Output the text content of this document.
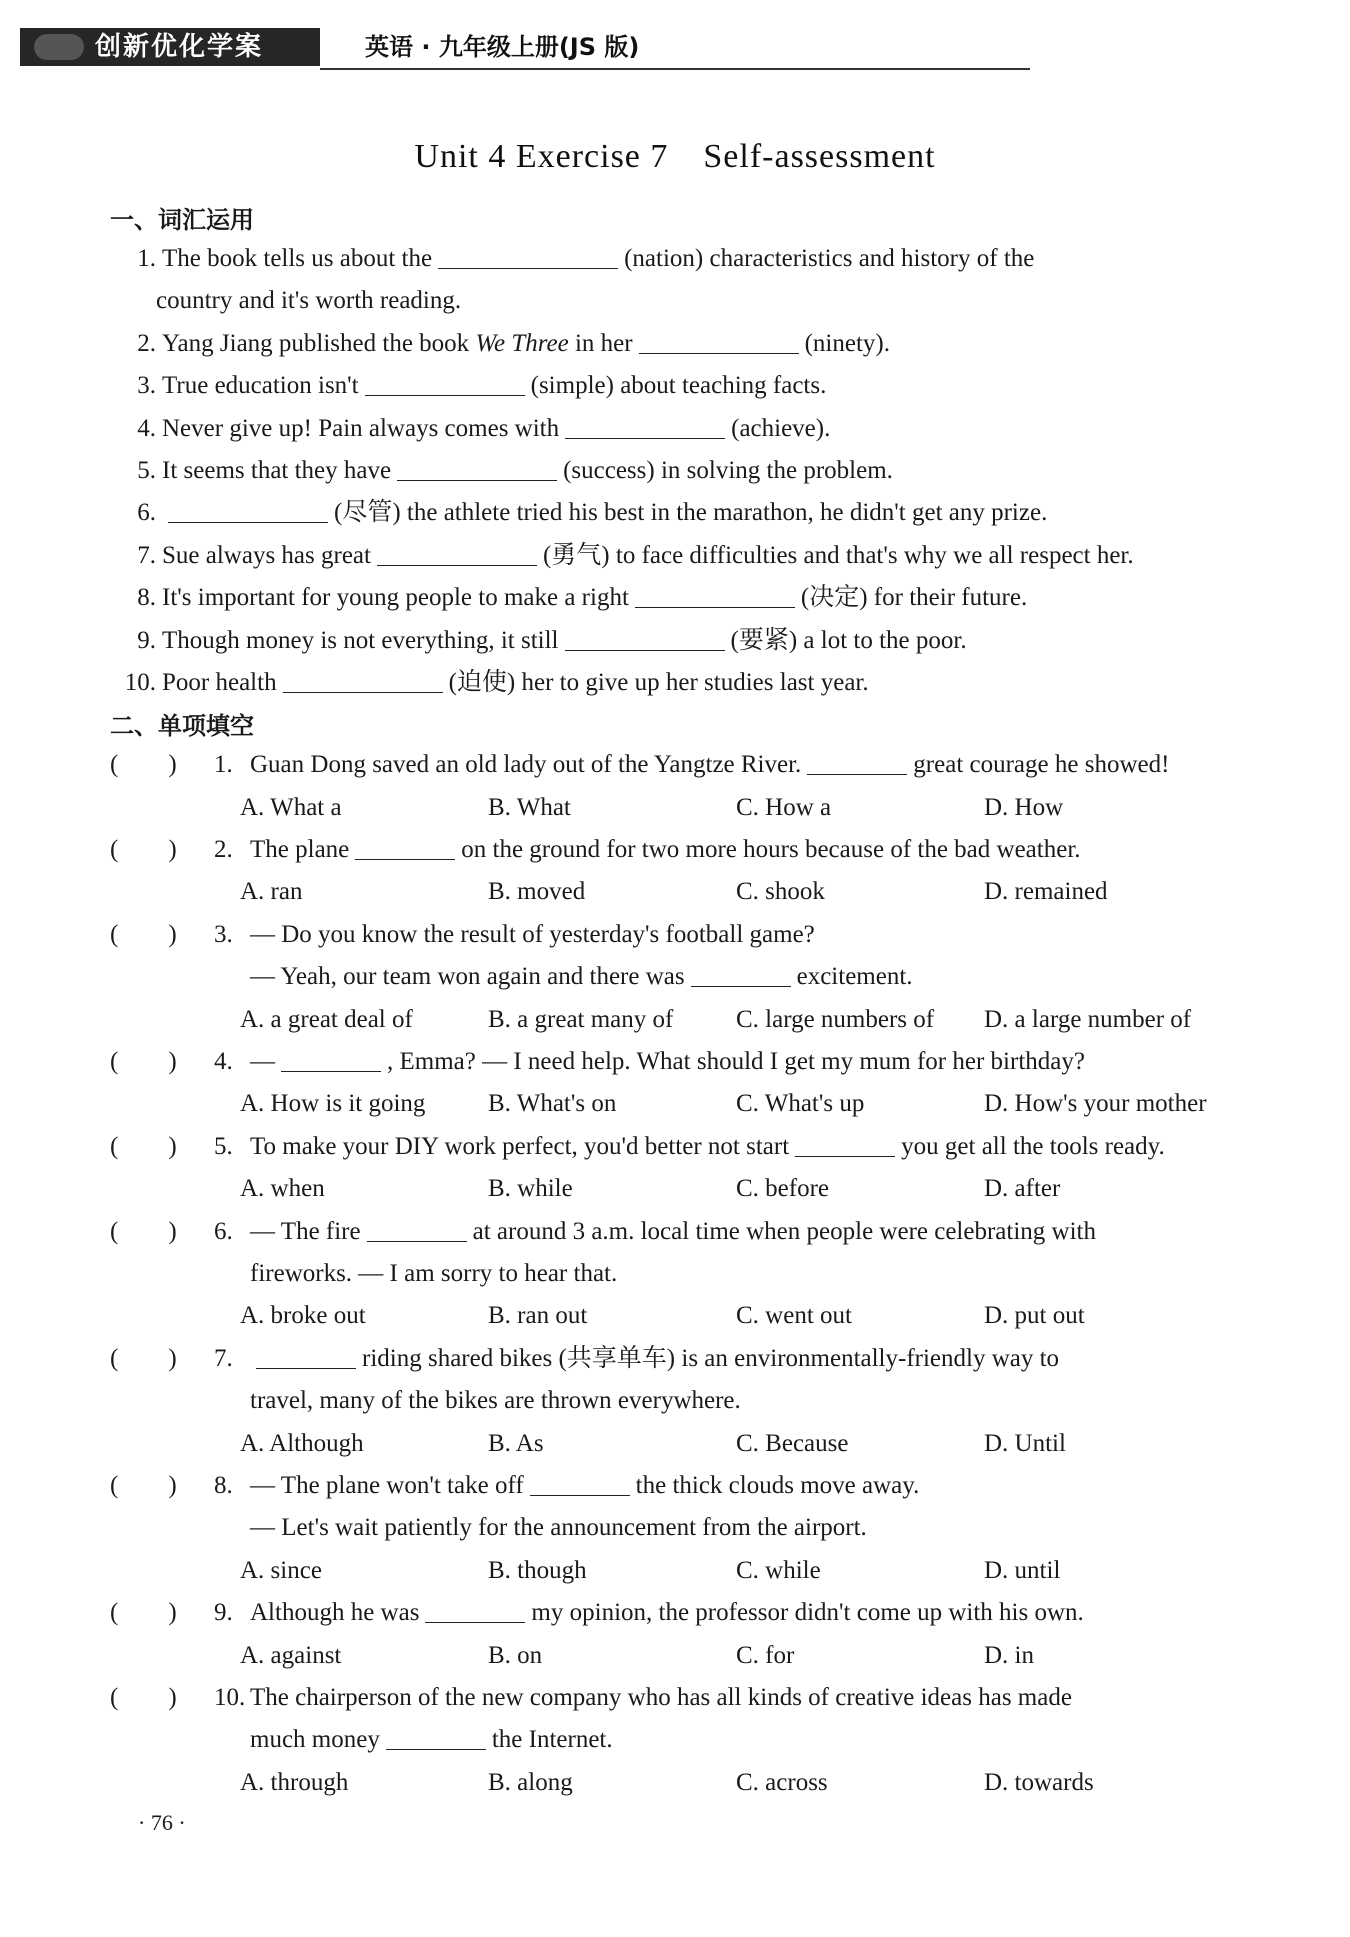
创新优化学案	英语 · 九年级上册(JS 版)
Unit 4 Exercise 7　Self-assessment
一、词汇运用
1. The book tells us about the	(nation) characteristics and history of the
country and it's worth reading.
2. Yang Jiang published the book We Three in her	(ninety).
3. True education isn't	(simple) about teaching facts.
4. Never give up! Pain always comes with	(achieve).
5. It seems that they have	(success) in solving the problem.
6.	(尽管) the athlete tried his best in the marathon, he didn't get any prize.
7. Sue always has great	(勇气) to face difficulties and that's why we all respect her.
8. It's important for young people to make a right	(决定) for their future.
9. Though money is not everything, it still	(要紧) a lot to the poor.
10. Poor health	(迫使) her to give up her studies last year.
二、单项填空
(　　) 1. Guan Dong saved an old lady out of the Yangtze River.	great courage he showed!
A. What a	B. What	C. How a	D. How
(　　) 2. The plane	on the ground for two more hours because of the bad weather.
A. ran	B. moved	C. shook	D. remained
(　　) 3. — Do you know the result of yesterday's football game?
— Yeah, our team won again and there was	excitement.
A. a great deal of	B. a great many of	C. large numbers of	D. a large number of
(　　) 4. —	, Emma? — I need help. What should I get my mum for her birthday?
A. How is it going	B. What's on	C. What's up	D. How's your mother
(　　) 5. To make your DIY work perfect, you'd better not start	you get all the tools ready.
A. when	B. while	C. before	D. after
(　　) 6. — The fire	at around 3 a.m. local time when people were celebrating with
fireworks. — I am sorry to hear that.
A. broke out	B. ran out	C. went out	D. put out
(　　) 7.	riding shared bikes (共享单车) is an environmentally-friendly way to
travel, many of the bikes are thrown everywhere.
A. Although	B. As	C. Because	D. Until
(　　) 8. — The plane won't take off	the thick clouds move away.
— Let's wait patiently for the announcement from the airport.
A. since	B. though	C. while	D. until
(　　) 9. Although he was	my opinion, the professor didn't come up with his own.
A. against	B. on	C. for	D. in
(　　) 10. The chairperson of the new company who has all kinds of creative ideas has made
much money	the Internet.
A. through	B. along	C. across	D. towards
· 76 ·
